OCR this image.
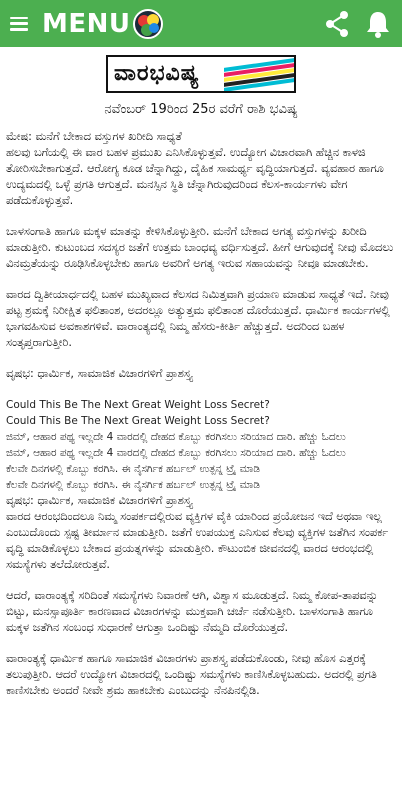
MENU
ವಾರಭವಿಷ್ಯ
ನವೆಂಬರ್ 19ರಿಂದ 25ರ ವರೆಗೆ ರಾಶಿ ಭವಿಷ್ಯ

ಮೇಷ: ಮನೆಗೆ ಬೇಕಾದ ವಸ್ತುಗಳ ಖರೀದಿ ಸಾಧ್ಯತೆ
ಹಲವು ಬಗೆಯಲ್ಲಿ ಈ ವಾರ ಬಹಳ ಪ್ರಮುಖ ಎನಿಸಿಕೊಳ್ಳುತ್ತವೆ. ಉದ್ಯೋಗ ವಿಚಾರವಾಗಿ ಹೆಚ್ಚಿನ ಕಾಳಜಿ ತೋರಿಸಬೇಕಾಗುತ್ತದೆ. ಆರೋಗ್ಯ ಕೂಡ ಚೆನ್ನಾಗಿದ್ದು, ದೈಹಿಕ ಸಾಮರ್ಥ್ಯ ವೃದ್ಧಿಯಾಗುತ್ತದೆ. ವ್ಯವಹಾರ ಹಾಗೂ ಉದ್ಯಮದಲ್ಲಿ ಒಳ್ಳೆ ಪ್ರಗತಿ ಆಗುತ್ತದೆ. ಮನಸ್ಸಿನ ಸ್ಥಿತಿ ಚೆನ್ನಾಗಿರುವುದರಿಂದ ಕೆಲಸ-ಕಾರ್ಯಗಳು ವೇಗ ಪಡೆದುಕೊಳ್ಳುತ್ತವೆ.

ಬಾಳಸಂಗಾತಿ ಹಾಗೂ ಮಕ್ಕಳ ಮಾತನ್ನು ಕೇಳಿಸಿಕೊಳ್ಳುತ್ತೀರಿ. ಮನೆಗೆ ಬೇಕಾದ ಅಗತ್ಯ ವಸ್ತುಗಳನ್ನು ಖರೀದಿ ಮಾಡುತ್ತೀರಿ. ಕುಟುಂಬದ ಸದಸ್ಯರ ಜತೆಗೆ ಉತ್ತಮ ಬಾಂಧವ್ಯ ವರ್ಧಿಸುತ್ತದೆ. ಹೀಗೆ ಆಗುವುದಕ್ಕೆ ನೀವು ಮೊದಲು ವಿನಮ್ರತೆಯನ್ನು ರೂಢಿಸಿಕೊಳ್ಳಬೇಕು ಹಾಗೂ ಅವರಿಗೆ ಅಗತ್ಯ ಇರುವ ಸಹಾಯವನ್ನು ನೀವೂ ಮಾಡಬೇಕು.

ವಾರದ ದ್ವಿತೀಯಾರ್ಧದಲ್ಲಿ ಬಹಳ ಮುಖ್ಯವಾದ ಕೆಲಸದ ನಿಮಿತ್ತವಾಗಿ ಪ್ರಯಾಣ ಮಾಡುವ ಸಾಧ್ಯತೆ ಇದೆ. ನೀವು ಪಟ್ಟ ಶ್ರಮಕ್ಕೆ ನಿರೀಕ್ಷಿತ ಫಲಿತಾಂಶ, ಅದರಲ್ಲೂ ಅತ್ಯುತ್ತಮ ಫಲಿತಾಂಶ ದೊರೆಯುತ್ತದೆ. ಧಾರ್ಮಿಕ ಕಾರ್ಯಗಳಲ್ಲಿ ಭಾಗವಹಿಸುವ ಅವಕಾಶಗಳಿವೆ. ವಾರಾಂತ್ಯದಲ್ಲಿ ನಿಮ್ಮ ಹೆಸರು-ಕೀರ್ತಿ ಹೆಚ್ಚುತ್ತದೆ. ಅದರಿಂದ ಬಹಳ ಸಂತೃಪ್ತರಾಗುತ್ತೀರಿ.

ವೃಷಭ: ಧಾರ್ಮಿಕ, ಸಾಮಾಜಿಕ ವಿಚಾರಗಳಿಗೆ ಪ್ರಾಶಸ್ತ್ಯ

Could This Be The Next Great Weight Loss Secret?

Could This Be The Next Great Weight Loss Secret?

ಜಿಮ್, ಆಹಾರ ಪಥ್ಯ ಇಲ್ಲದೇ 4 ವಾರದಲ್ಲಿ ದೇಹದ ಕೊಬ್ಬು ಕರಗಿಸಲು ಸರಿಯಾದ ದಾರಿ. ಹೆಚ್ಚು ಓದಲು

ಜಿಮ್, ಆಹಾರ ಪಥ್ಯ ಇಲ್ಲದೇ 4 ವಾರದಲ್ಲಿ ದೇಹದ ಕೊಬ್ಬು ಕರಗಿಸಲು ಸರಿಯಾದ ದಾರಿ. ಹೆಚ್ಚು ಓದಲು

ಕೆಲವೇ ದಿನಗಳಲ್ಲಿ ಕೊಬ್ಬು ಕರಗಿಸಿ. ಈ ನೈಸರ್ಗಿಕ ಹರ್ಬಲ್ ಉತ್ಪನ್ನ ಟ್ರೈ ಮಾಡಿ

ಕೆಲವೇ ದಿನಗಳಲ್ಲಿ ಕೊಬ್ಬು ಕರಗಿಸಿ. ಈ ನೈಸರ್ಗಿಕ ಹರ್ಬಲ್ ಉತ್ಪನ್ನ ಟ್ರೈ ಮಾಡಿ

ವೃಷಭ: ಧಾರ್ಮಿಕ, ಸಾಮಾಜಿಕ ವಿಚಾರಗಳಿಗೆ ಪ್ರಾಶಸ್ತ್ಯ
ವಾರದ ಆರಂಭದಿಂದಲೂ ನಿಮ್ಮ ಸಂಪರ್ಕದಲ್ಲಿರುವ ವ್ಯಕ್ತಿಗಳ ವೈಕಿ ಯಾರಿಂದ ಪ್ರಯೋಜನ ಇದೆ ಅಥವಾ ಇಲ್ಲ ಎಂಬುದೊಂದು ಸ್ಪಷ್ಟ ತೀರ್ಮಾನ ಮಾಡುತ್ತೀರಿ. ಜತೆಗೆ ಉಪಯುಕ್ತ ಎನಿಸುವ ಕೆಲವು ವ್ಯಕ್ತಿಗಳ ಜತೆಗಿನ ಸಂಪರ್ಕ ವೃದ್ಧಿ ಮಾಡಿಕೊಳ್ಳಲು ಬೇಕಾದ ಪ್ರಯತ್ನಗಳನ್ನು ಮಾಡುತ್ತೀರಿ. ಕೌಟುಂಬಿಕ ಜೀವನದಲ್ಲಿ ವಾರದ ಆರಂಭದಲ್ಲಿ ಸಮಸ್ಯೆಗಳು ತಲೆದೋರುತ್ತವೆ.

ಆದರೆ, ವಾರಾಂತ್ಯಕ್ಕೆ ಸರಿದಿಂತೆ ಸಮಸ್ಯೆಗಳು ನಿವಾರಣೆ ಆಗಿ, ವಿಶ್ವಾಸ ಮೂಡುತ್ತದೆ. ನಿಮ್ಮ ಕೋಪ-ತಾಪವನ್ನು ಬಿಟ್ಟು, ಮನಸ್ಸಾಪೂರ್ತಿ ಕಾರಣವಾದ ವಿಚಾರಗಳನ್ನು ಮುಕ್ತವಾಗಿ ಚರ್ಚೆ ನಡೆಸುತ್ತೀರಿ. ಬಾಳಸಂಗಾತಿ ಹಾಗೂ ಮಕ್ಕಳ ಜತೆಗಿನ ಸಂಬಂಧ ಸುಧಾರಣೆ ಆಗುತ್ತಾ ಒಂದಿಷ್ಟು ನೆಮ್ಮದಿ ದೊರೆಯುತ್ತದೆ.

ವಾರಾಂತ್ಯಕ್ಕೆ ಧಾರ್ಮಿಕ ಹಾಗೂ ಸಾಮಾಜಿಕ ವಿಚಾರಗಳು ಪ್ರಾಶಸ್ತ್ಯ ಪಡೆದುಕೊಂಡು, ನೀವು ಹೊಸ ಎತ್ತರಕ್ಕೆ ತಲುಪುತ್ತೀರಿ. ಆದರೆ ಉದ್ಯೋಗ ವಿಚಾರದಲ್ಲಿ ಒಂದಿಷ್ಟು ಸಮಸ್ಯೆಗಳು ಕಾಣಿಸಿಕೊಳ್ಳಬಹುದು. ಅದರಲ್ಲಿ ಪ್ರಗತಿ ಕಾಣಿಸಬೇಕು ಅಂದರೆ ನೀವೇ ಶ್ರಮ ಹಾಕಬೇಕು ಎಂಬುದನ್ನು ನೆನಪಿನಲ್ಲಿಡಿ.
